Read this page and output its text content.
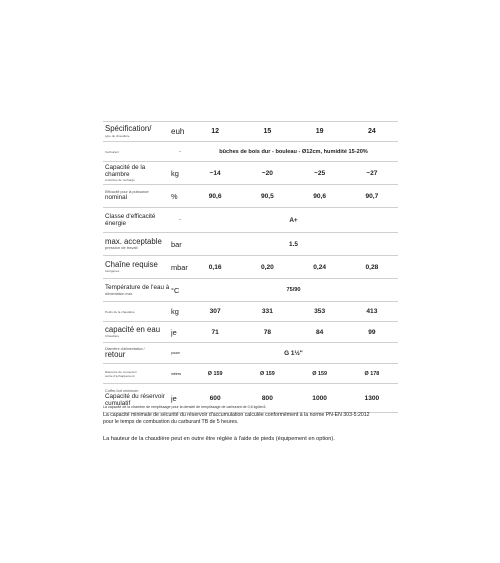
Spécification/
type de chaudière	euh	12	15	19	24

Carburant	-	bûches de bois dur - bouleau - Ø12cm, humidité 15-20%			

Capacité de la chambre
à bûches de recharge	kg	~14	~20	~25	~27

Efficacité pour la puissance
nominal	%	90,6	90,5	90,6	90,7

Classe d'efficacité
énergie	-	A+			

max. acceptable
pression de travail	bar	1.5			

Chaîne requise
fumigènes	mbar	0,16	0,20	0,24	0,28

Température de l'eau à
alimentation max.	°C	75/90			

Poids de la chaudière	kg	307	331	353	413

capacité en eau
Chaudière	je	71	78	84	99

Diamètre d'alimentation /
retour	pouce	G 1½"			

Diamètre de connexion
sortie d'échappement	mètres	Ø 159	Ø 159	Ø 159	Ø 178

Coffre-fort minimum
Capacité du réservoir cumulatif	je	600	800	1000	1300
La capacité de la chambre de remplissage pour la densité de remplissage de carburant de 0,6 kg/dm3.
La capacité minimale de sécurité du réservoir d'accumulation calculée conformément à la norme PN-EN 303-5:2012
pour le temps de combustion du carburant TB de 5 heures.
La hauteur de la chaudière peut en outre être réglée à l'aide de pieds (équipement en option).
